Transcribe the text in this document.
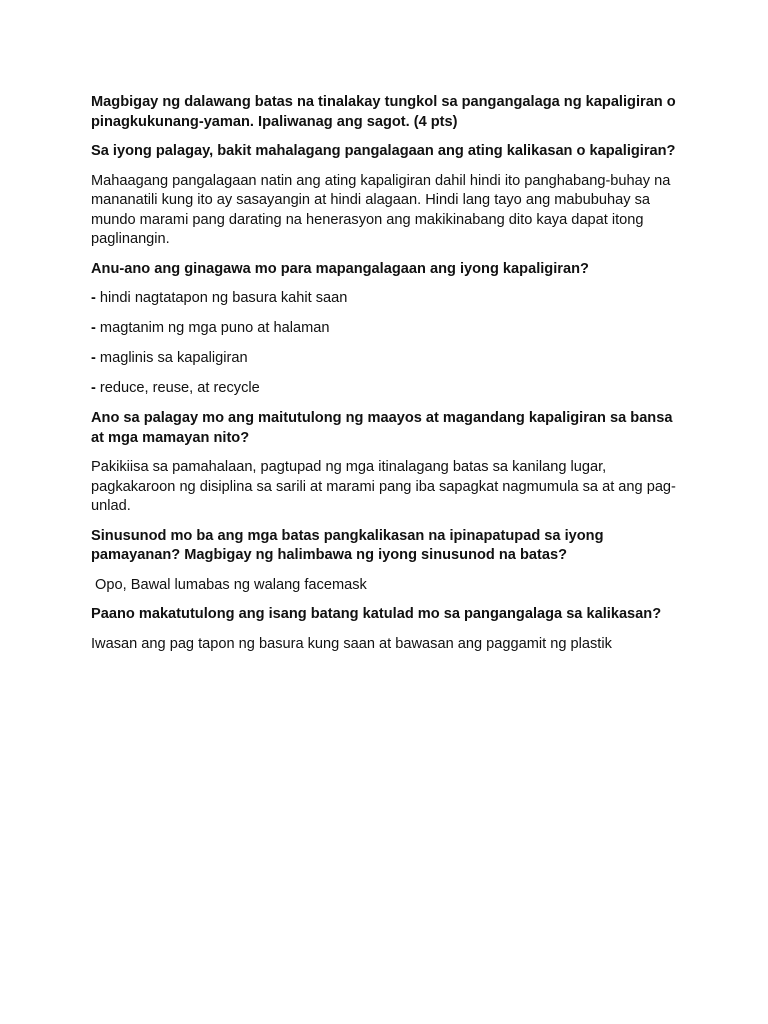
Magbigay ng dalawang batas na tinalakay tungkol sa pangangalaga ng kapaligiran o pinagkukunang-yaman. Ipaliwanag ang sagot. (4 pts)

Sa iyong palagay, bakit mahalagang pangalagaan ang ating kalikasan o kapaligiran?

Mahaagang pangalagaan natin ang ating kapaligiran dahil hindi ito panghabang-buhay na mananatili kung ito ay sasayangin at hindi alagaan. Hindi lang tayo ang mabubuhay sa mundo marami pang darating na henerasyon ang makikinabang dito kaya dapat itong paglinangin.

Anu-ano ang ginagawa mo para mapangalagaan ang iyong kapaligiran?

- hindi nagtatapon ng basura kahit saan
- magtanim ng mga puno at halaman
- maglinis sa kapaligiran
- reduce, reuse, at recycle

Ano sa palagay mo ang maitutulong ng maayos at magandang kapaligiran sa bansa at mga mamayan nito?

Pakikiisa sa pamahalaan, pagtupad ng mga itinalagang batas sa kanilang lugar, pagkakaroon ng disiplina sa sarili at marami pang iba sapagkat nagmumula sa at ang pag-unlad.

Sinusunod mo ba ang mga batas pangkalikasan na ipinapatupad sa iyong pamayanan? Magbigay ng halimbawa ng iyong sinusunod na batas?

Opo, Bawal lumabas ng walang facemask

Paano makatutulong ang isang batang katulad mo sa pangangalaga sa kalikasan?

Iwasan ang pag tapon ng basura kung saan at bawasan ang paggamit ng plastik
